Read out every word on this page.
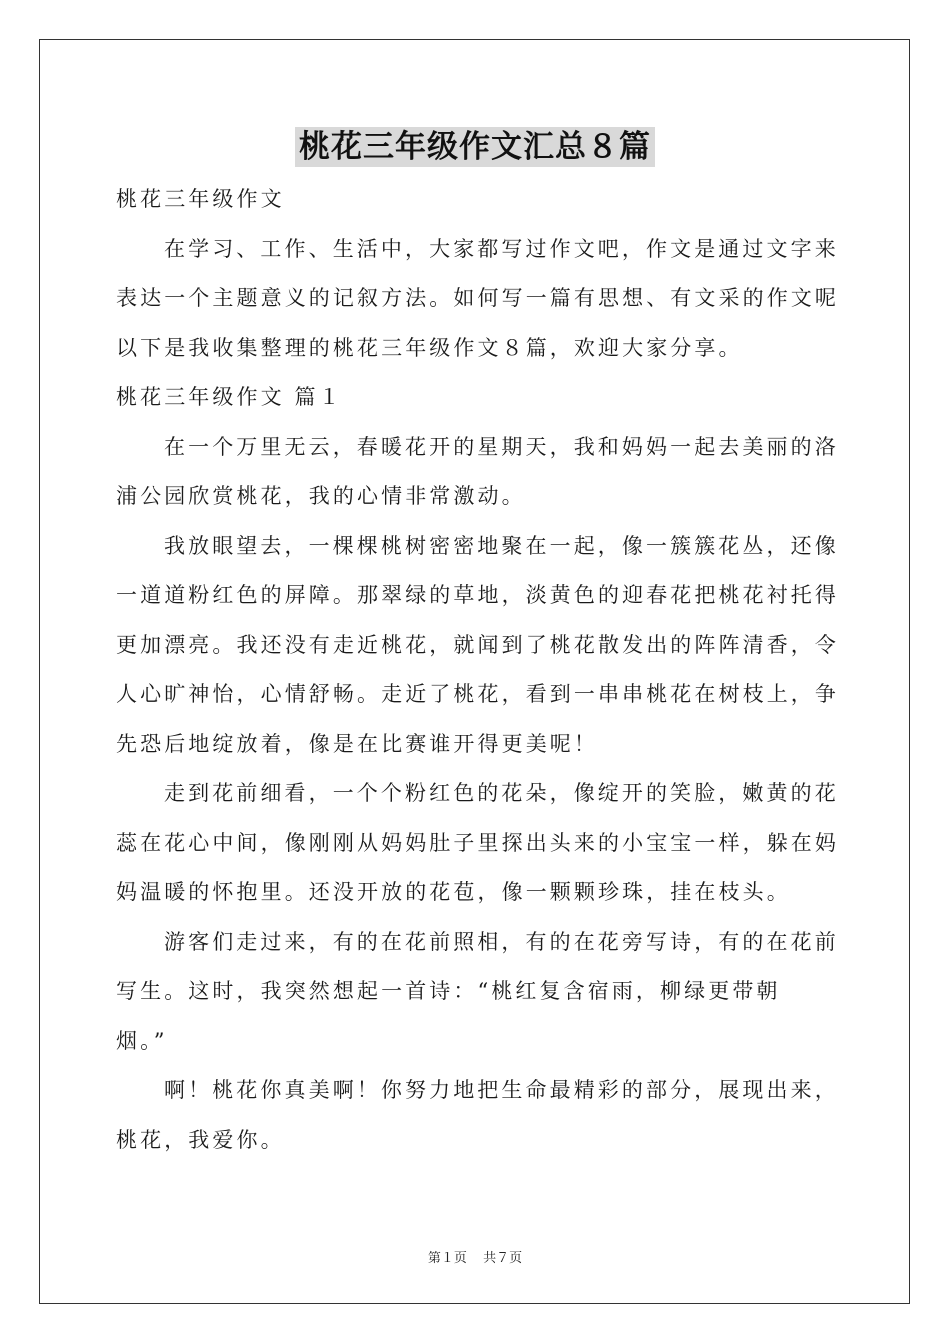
桃花三年级作文汇总８篇
桃花三年级作文
在学习、工作、生活中，大家都写过作文吧，作文是通过文字来
表达一个主题意义的记叙方法。如何写一篇有思想、有文采的作文呢
以下是我收集整理的桃花三年级作文８篇，欢迎大家分享。
桃花三年级作文 篇１
在一个万里无云，春暖花开的星期天，我和妈妈一起去美丽的洛
浦公园欣赏桃花，我的心情非常激动。
我放眼望去，一棵棵桃树密密地聚在一起，像一簇簇花丛，还像
一道道粉红色的屏障。那翠绿的草地，淡黄色的迎春花把桃花衬托得
更加漂亮。我还没有走近桃花，就闻到了桃花散发出的阵阵清香，令
人心旷神怡，心情舒畅。走近了桃花，看到一串串桃花在树枝上，争
先恐后地绽放着，像是在比赛谁开得更美呢！
走到花前细看，一个个粉红色的花朵，像绽开的笑脸，嫩黄的花
蕊在花心中间，像刚刚从妈妈肚子里探出头来的小宝宝一样，躲在妈
妈温暖的怀抱里。还没开放的花苞，像一颗颗珍珠，挂在枝头。
游客们走过来，有的在花前照相，有的在花旁写诗，有的在花前
写生。这时，我突然想起一首诗：“桃红复含宿雨，柳绿更带朝
烟。”
啊！桃花你真美啊！你努力地把生命最精彩的部分，展现出来，
桃花，我爱你。
第１页 共７页
